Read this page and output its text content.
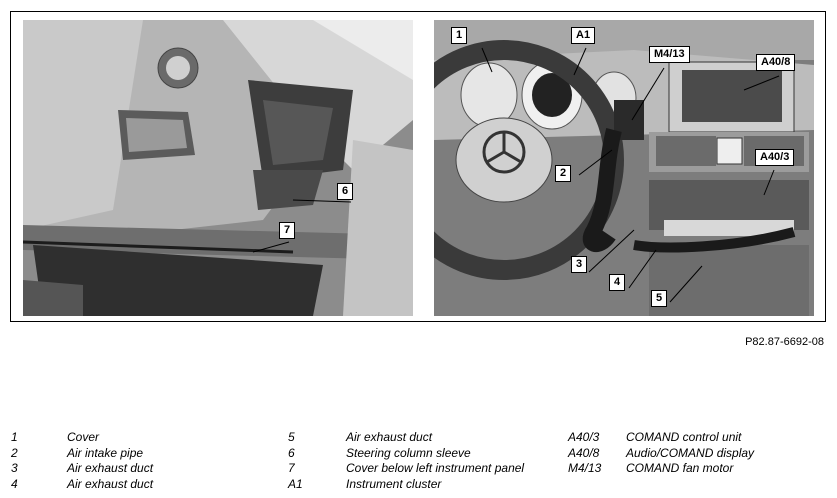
6
7
1	A1
M4/13
A40/8
A40/3
2
3
4
5
P82.87-6692-08
1	Cover
2	Air intake pipe
3	Air exhaust duct
4	Air exhaust duct
5	Air exhaust duct
6	Steering column sleeve
7	Cover below left instrument panel
A1	Instrument cluster
A40/3 COMAND control unit
A40/8 Audio/COMAND display
M4/13 COMAND fan motor
